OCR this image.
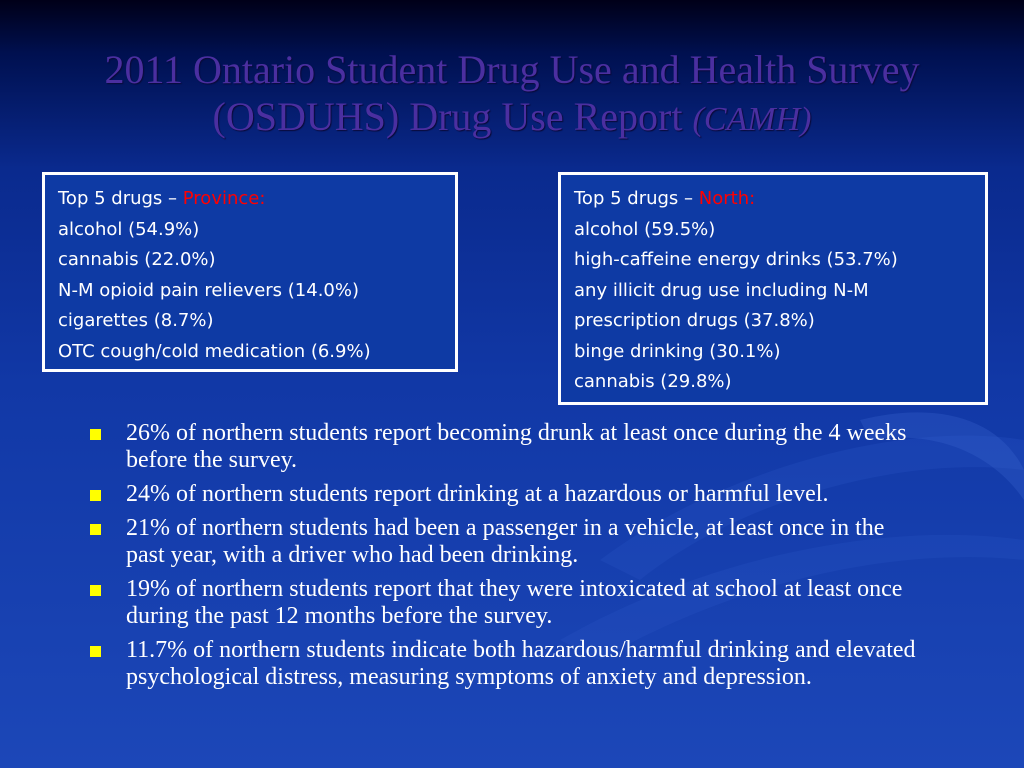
2011 Ontario Student Drug Use and Health Survey (OSDUHS) Drug Use Report (CAMH)
Top 5 drugs – Province:
alcohol (54.9%)
cannabis (22.0%)
N-M opioid pain relievers (14.0%)
cigarettes (8.7%)
OTC cough/cold medication (6.9%)
Top 5 drugs – North:
alcohol (59.5%)
high-caffeine energy drinks (53.7%)
any illicit drug use including N-M
prescription drugs (37.8%)
binge drinking (30.1%)
cannabis (29.8%)
26% of northern students report becoming drunk at least once during the 4 weeks before the survey.
24% of northern students report drinking at a hazardous or harmful level.
21% of northern students had been a passenger in a vehicle, at least once in the past year, with a driver who had been drinking.
19% of northern students report that they were intoxicated at school at least once during the past 12 months before the survey.
11.7% of northern students indicate both hazardous/harmful drinking and elevated psychological distress, measuring symptoms of anxiety and depression.
